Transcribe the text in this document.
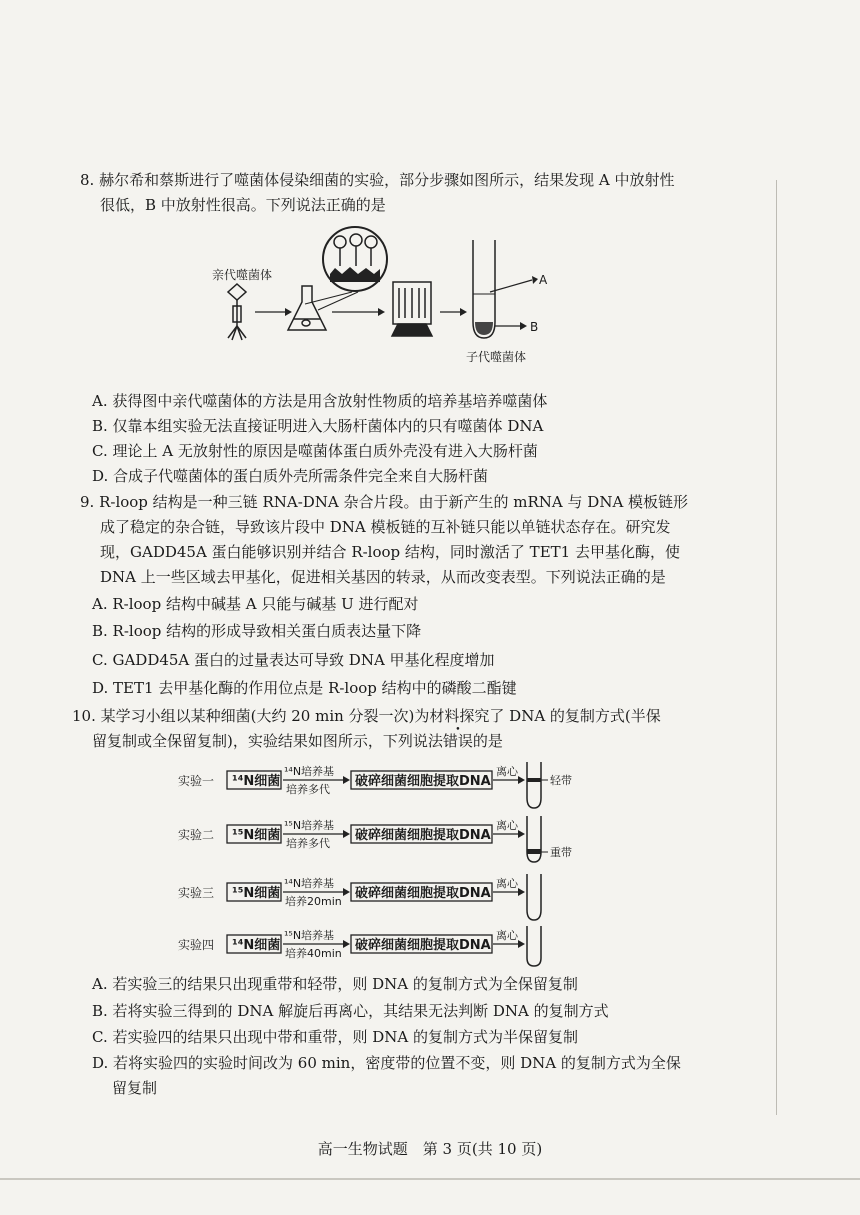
8. 赫尔希和蔡斯进行了噬菌体侵染细菌的实验，部分步骤如图所示，结果发现 A 中放射性

很低，B 中放射性很高。下列说法正确的是

亲代噬菌体	A
B
子代噬菌体
A. 获得图中亲代噬菌体的方法是用含放射性物质的培养基培养噬菌体
B. 仅靠本组实验无法直接证明进入大肠杆菌体内的只有噬菌体 DNA
C. 理论上 A 无放射性的原因是噬菌体蛋白质外壳没有进入大肠杆菌
D. 合成子代噬菌体的蛋白质外壳所需条件完全来自大肠杆菌

9. R-loop 结构是一种三链 RNA-DNA 杂合片段。由于新产生的 mRNA 与 DNA 模板链形

成了稳定的杂合链，导致该片段中 DNA 模板链的互补链只能以单链状态存在。研究发

现，GADD45A 蛋白能够识别并结合 R-loop 结构，同时激活了 TET1 去甲基化酶，使

DNA 上一些区域去甲基化，促进相关基因的转录，从而改变表型。下列说法正确的是

A. R-loop 结构中碱基 A 只能与碱基 U 进行配对
B. R-loop 结构的形成导致相关蛋白质表达量下降
C. GADD45A 蛋白的过量表达可导致 DNA 甲基化程度增加
D. TET1 去甲基化酶的作用位点是 R-loop 结构中的磷酸二酯键

10. 某学习小组以某种细菌(大约 20 min 分裂一次)为材料探究了 DNA 的复制方式(半保

留复制或全保留复制)，实验结果如图所示，下列说法错误的是

实验一 ¹⁴N细菌
¹⁴N培养基
培养多代
破碎细菌细胞提取DNA
离心
轻带
实验二 ¹⁵N细菌
¹⁵N培养基
培养多代
破碎细菌细胞提取DNA
离心
重带
实验三 ¹⁵N细菌
¹⁴N培养基
培养20min
破碎细菌细胞提取DNA
离心
实验四 ¹⁴N细菌
¹⁵N培养基
培养40min
破碎细菌细胞提取DNA
离心
A. 若实验三的结果只出现重带和轻带，则 DNA 的复制方式为全保留复制
B. 若将实验三得到的 DNA 解旋后再离心，其结果无法判断 DNA 的复制方式
C. 若实验四的结果只出现中带和重带，则 DNA 的复制方式为半保留复制
D. 若将实验四的实验时间改为 60 min，密度带的位置不变，则 DNA 的复制方式为全保
留复制
高一生物试题　第 3 页(共 10 页)
